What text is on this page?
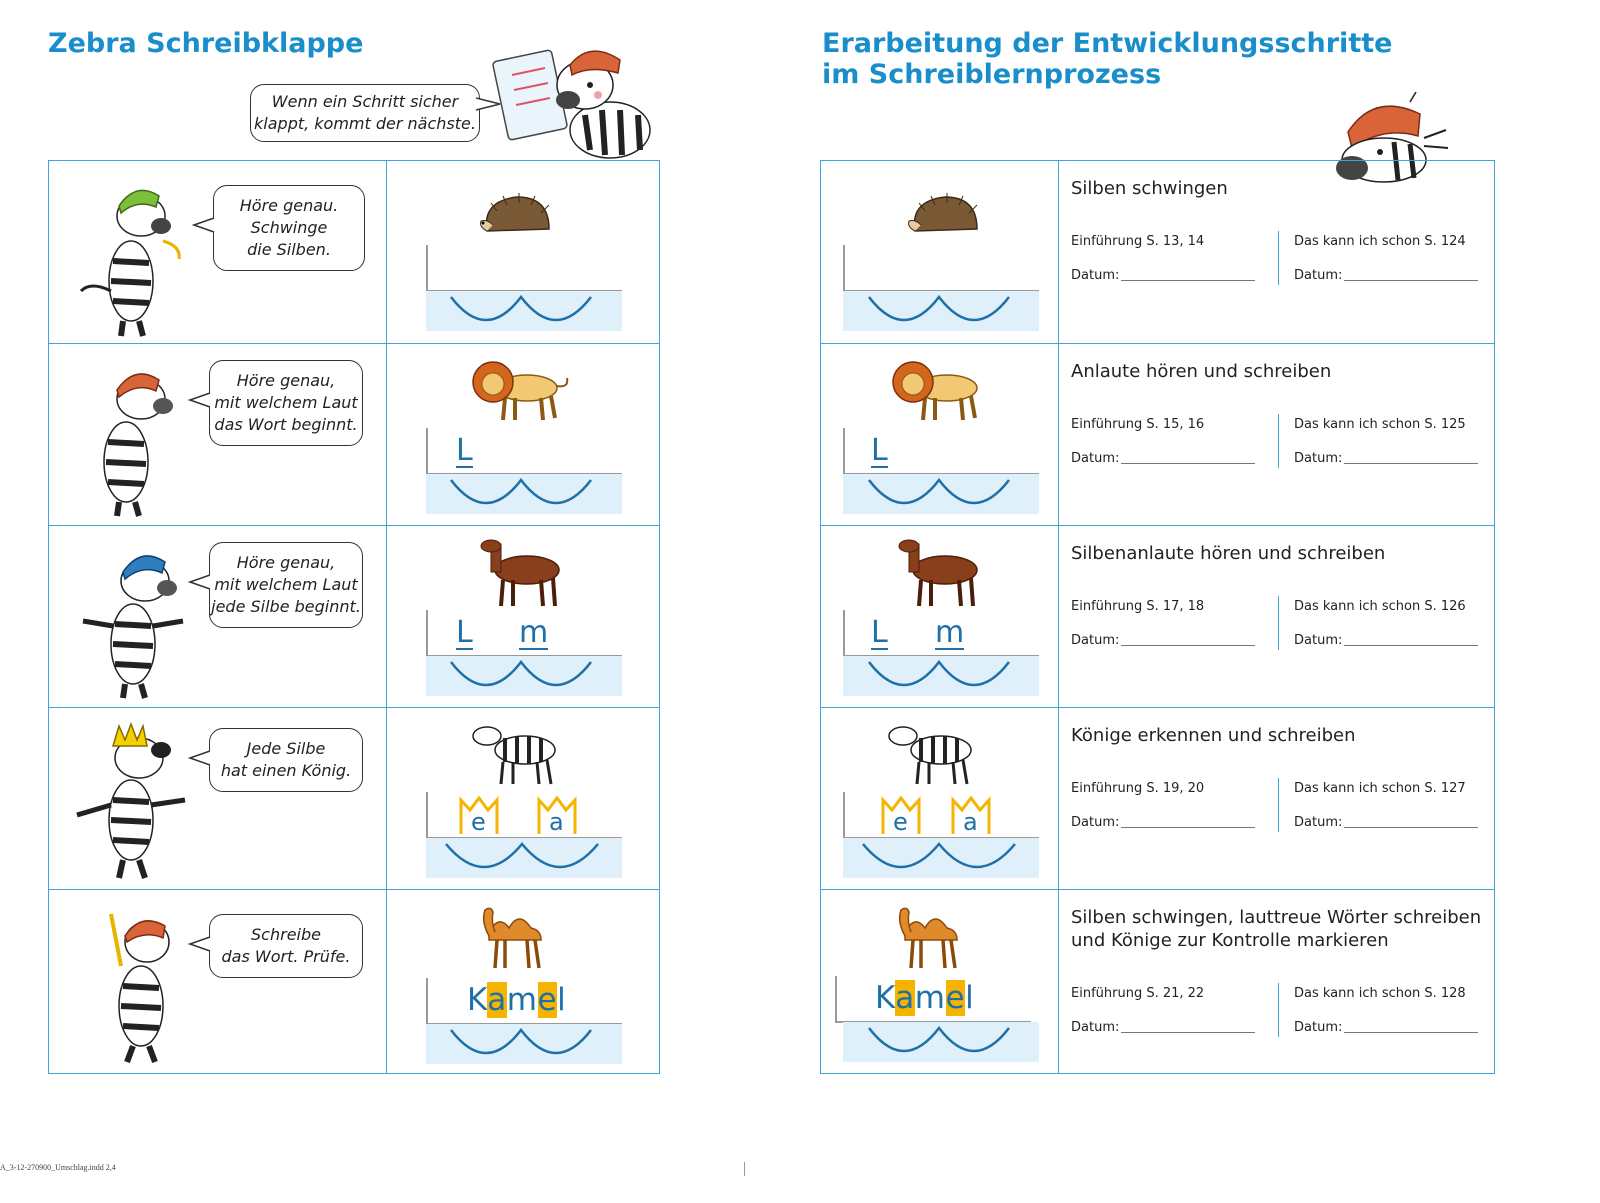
Zebra Schreibklappe
Wenn ein Schritt sicher
klappt, kommt der nächste.
Höre genau.
Schwinge
die Silben.
Höre genau,
mit welchem Laut
das Wort beginnt.
L
Höre genau,
mit welchem Laut
jede Silbe beginnt.
L m
Jede Silbe
hat einen König.
e	a
Schreibe
das Wort. Prüfe.
Kamel
Erarbeitung der Entwicklungsschritte
im Schreiblernprozess
Silben schwingen
Einführung S. 13, 14	Das kann ich schon S. 124
Datum:	Datum:
L
Anlaute hören und schreiben
Einführung S. 15, 16	Das kann ich schon S. 125
Datum:	Datum:
L m
Silbenanlaute hören und schreiben
Einführung S. 17, 18	Das kann ich schon S. 126
Datum:	Datum:
e a
Könige erkennen und schreiben
Einführung S. 19, 20	Das kann ich schon S. 127
Datum:	Datum:
Kamel
Silben schwingen, lauttreue Wörter schreiben
und Könige zur Kontrolle markieren
Einführung S. 21, 22	Das kann ich schon S. 128
Datum:	Datum:
A_3-12-270900_Umschlag.indd 2,4
